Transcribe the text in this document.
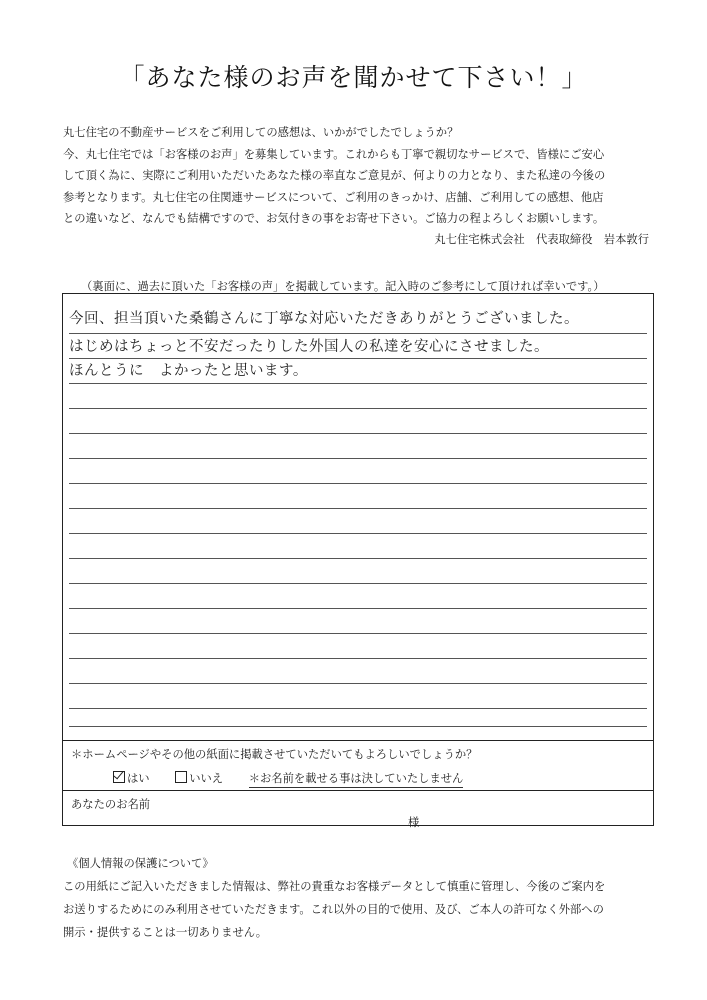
「あなた様のお声を聞かせて下さい！」

丸七住宅の不動産サービスをご利用しての感想は、いかがでしたでしょうか？

今、丸七住宅では「お客様のお声」を募集しています。これからも丁寧で親切なサービスで、皆様にご安心

して頂く為に、実際にご利用いただいたあなた様の率直なご意見が、何よりの力となり、また私達の今後の

参考となります。丸七住宅の住関連サービスについて、ご利用のきっかけ、店舗、ご利用しての感想、他店

との違いなど、なんでも結構ですので、お気付きの事をお寄せ下さい。ご協力の程よろしくお願いします。

丸七住宅株式会社　代表取締役　岩本敦行
（裏面に、過去に頂いた「お客様の声」を掲載しています。記入時のご参考にして頂ければ幸いです。）
今回、担当頂いた桑鶴さんに丁寧な対応いただきありがとうございました。
はじめはちょっと不安だったりした外国人の私達を安心にさせました。
ほんとうに　よかったと思います。
＊ホームページやその他の紙面に掲載させていただいてもよろしいでしょうか？
はい	いいえ ＊お名前を載せる事は決していたしません
あなたのお名前
様

《個人情報の保護について》

この用紙にご記入いただきました情報は、弊社の貴重なお客様データとして慎重に管理し、今後のご案内を

お送りするためにのみ利用させていただきます。これ以外の目的で使用、及び、ご本人の許可なく外部への

開示・提供することは一切ありません。
